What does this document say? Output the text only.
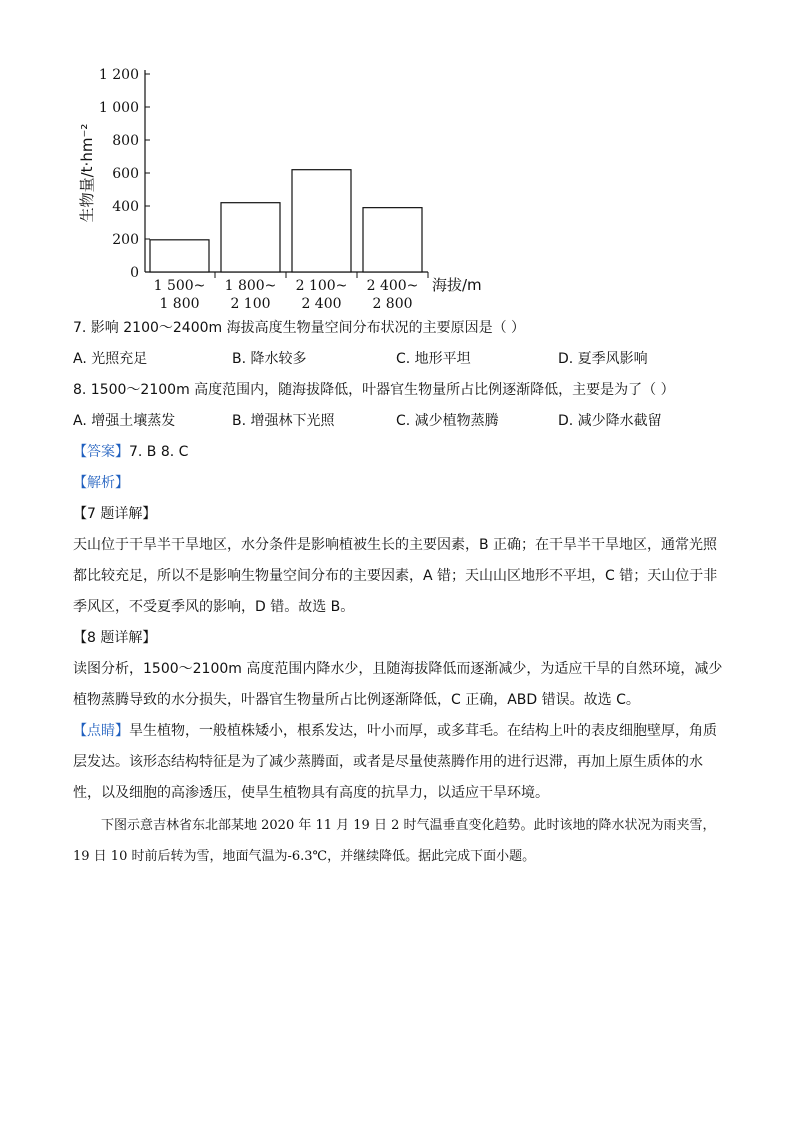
0
200
400
600
800
1 000
1 200
生物量/t·hm⁻²
1 500~
1 800
1 800~
2 100
2 100~
2 400
2 400~
2 800
海拔/m
7. 影响 2100～2400m 海拔高度生物量空间分布状况的主要原因是（ ）
A. 光照充足	B. 降水较多	C. 地形平坦	D. 夏季风影响
8. 1500～2100m 高度范围内，随海拔降低，叶器官生物量所占比例逐渐降低，主要是为了（ ）
A. 增强土壤蒸发	B. 增强林下光照	C. 减少植物蒸腾	D. 减少降水截留
【答案】7. B 8. C
【解析】
【7 题详解】
天山位于干旱半干旱地区，水分条件是影响植被生长的主要因素，B 正确；在干旱半干旱地区，通常光照都比较充足，所以不是影响生物量空间分布的主要因素，A 错；天山山区地形不平坦，C 错；天山位于非季风区，不受夏季风的影响，D 错。故选 B。
【8 题详解】
读图分析，1500～2100m 高度范围内降水少，且随海拔降低而逐渐减少，为适应干旱的自然环境，减少植物蒸腾导致的水分损失，叶器官生物量所占比例逐渐降低，C 正确，ABD 错误。故选 C。
【点睛】旱生植物，一般植株矮小，根系发达，叶小而厚，或多茸毛。在结构上叶的表皮细胞壁厚，角质层发达。该形态结构特征是为了减少蒸腾面，或者是尽量使蒸腾作用的进行迟滞，再加上原生质体的水性，以及细胞的高渗透压，使旱生植物具有高度的抗旱力，以适应干旱环境。
下图示意吉林省东北部某地 2020 年 11 月 19 日 2 时气温垂直变化趋势。此时该地的降水状况为雨夹雪，19 日 10 时前后转为雪，地面气温为-6.3℃，并继续降低。据此完成下面小题。
